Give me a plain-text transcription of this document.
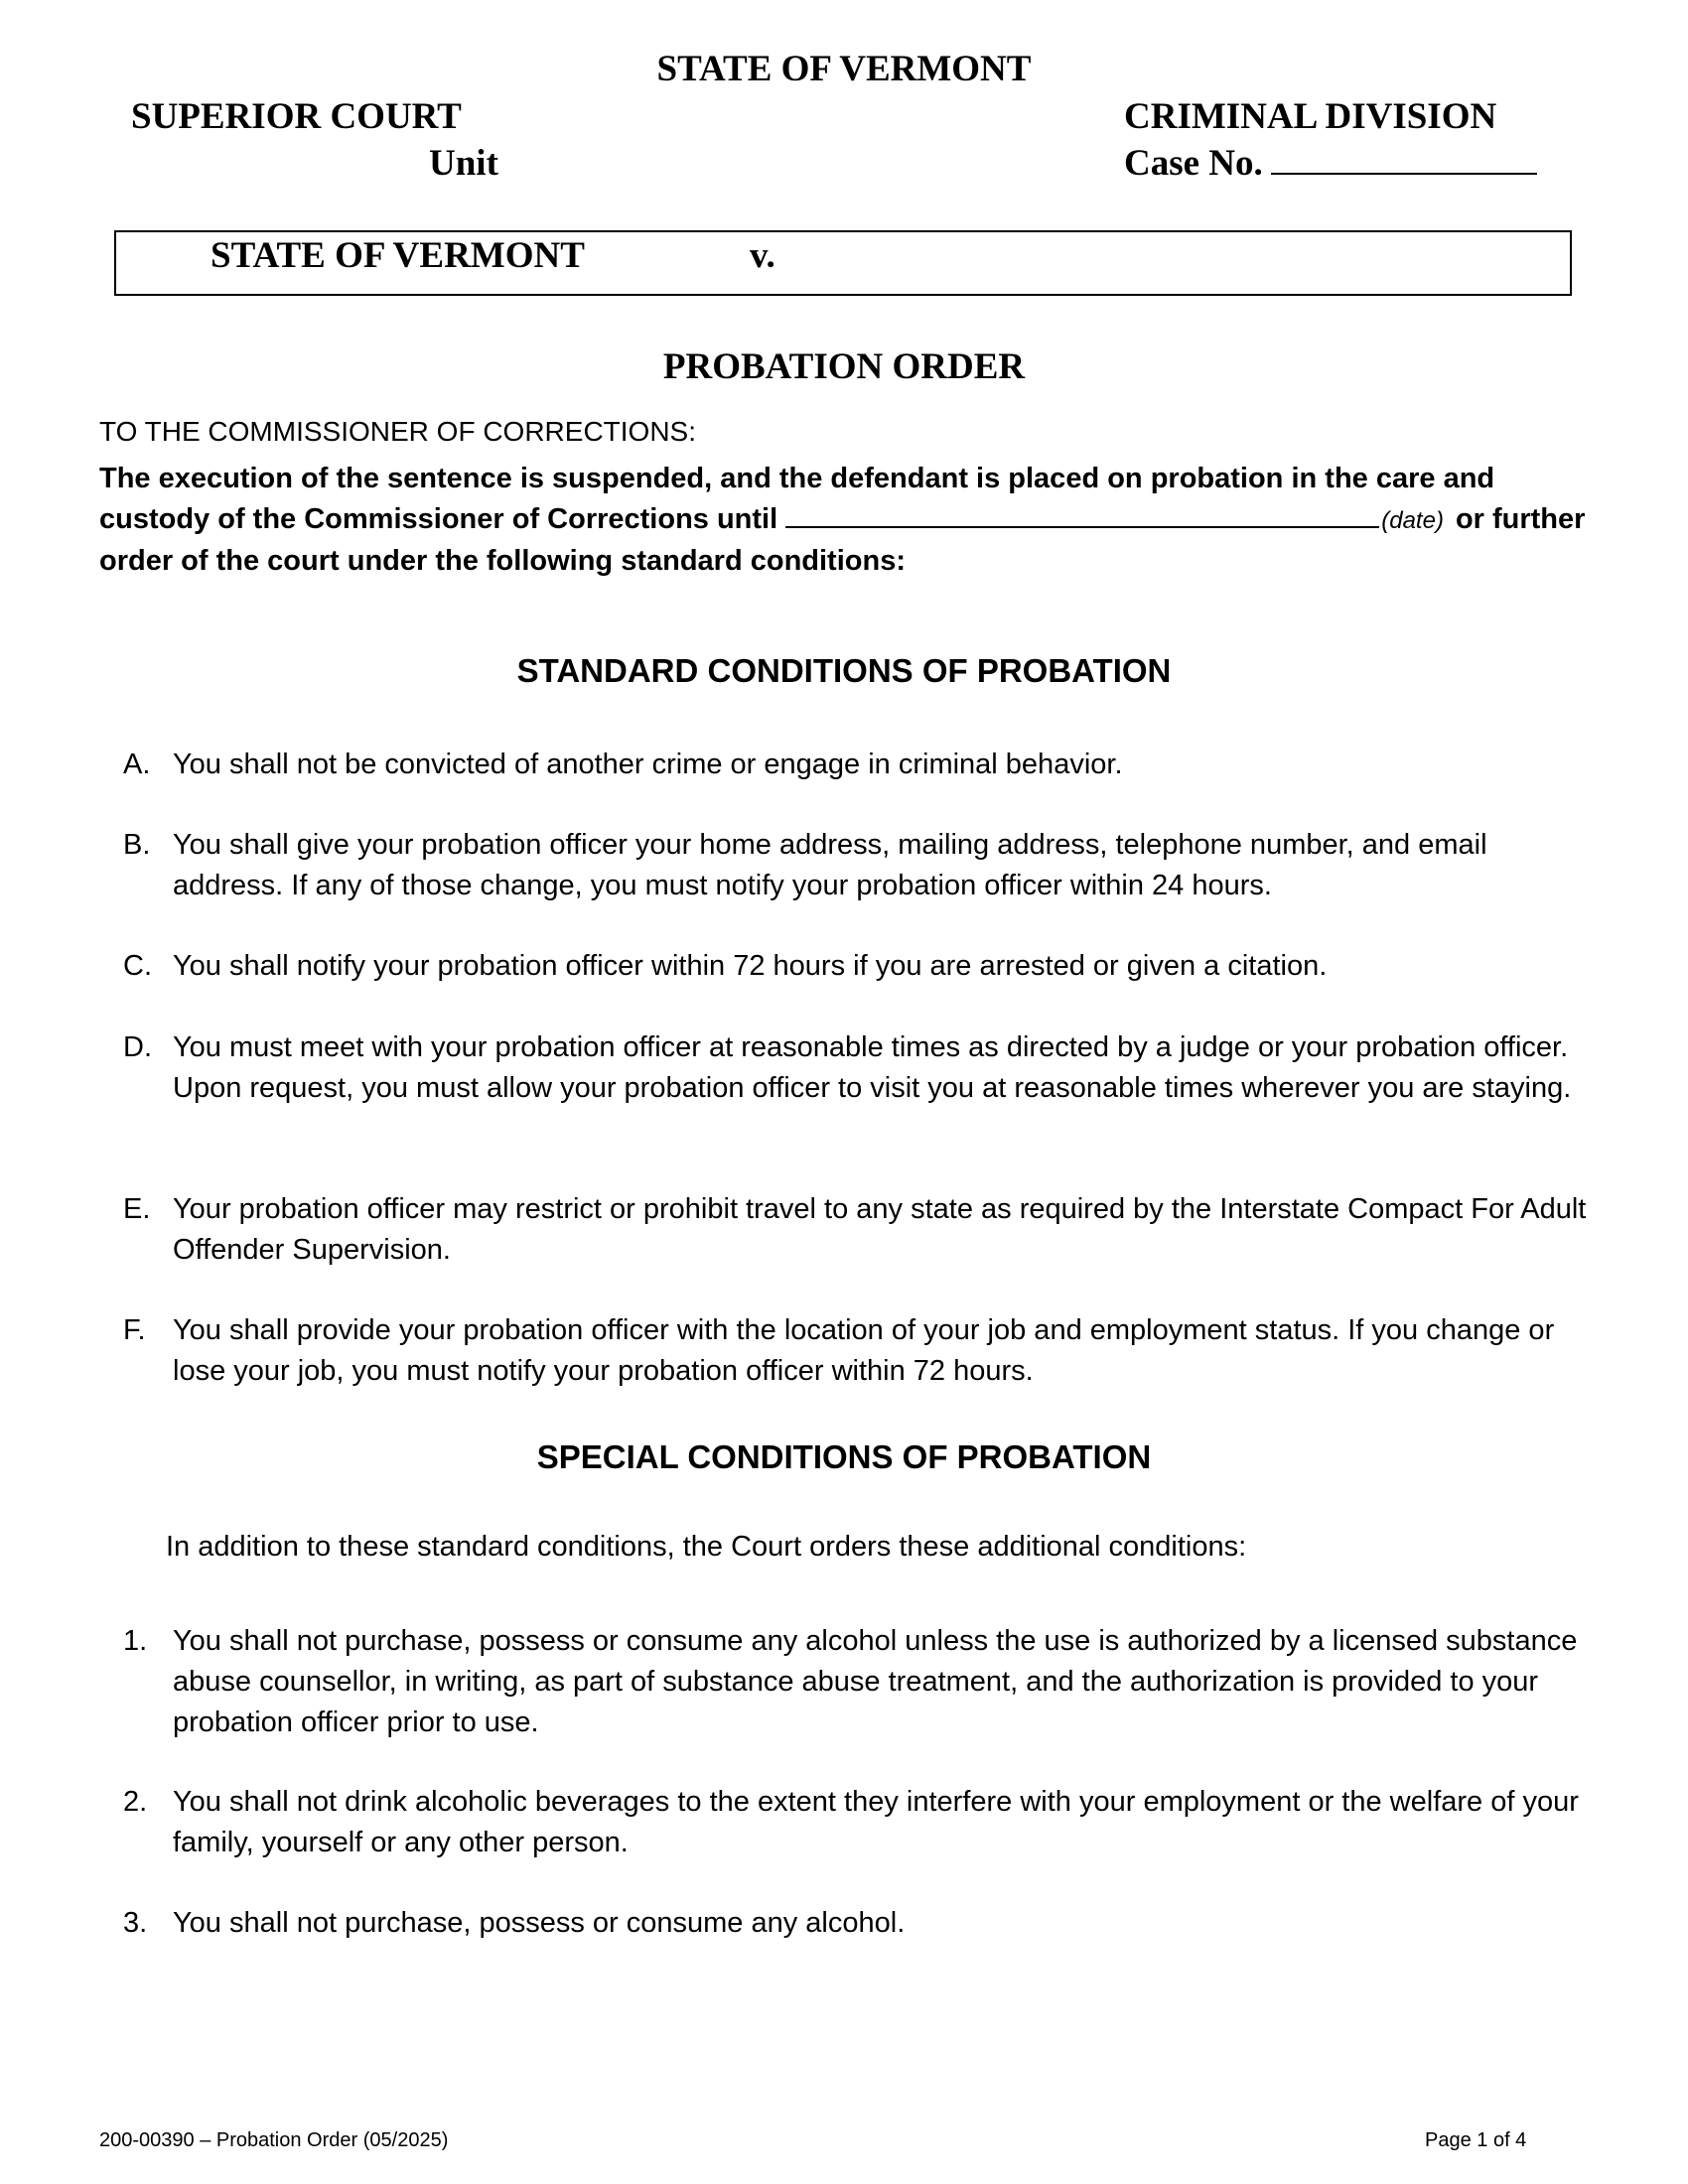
STATE OF VERMONT
SUPERIOR COURT
Unit
CRIMINAL DIVISION
Case No.
STATE OF VERMONT	v.
PROBATION ORDER
TO THE COMMISSIONER OF CORRECTIONS:
The execution of the sentence is suspended, and the defendant is placed on probation in the care and custody of the Commissioner of Corrections until	(date) or further order of the court under the following standard conditions:
STANDARD CONDITIONS OF PROBATION
A. You shall not be convicted of another crime or engage in criminal behavior.
B. You shall give your probation officer your home address, mailing address, telephone number, and email address. If any of those change, you must notify your probation officer within 24 hours.
C. You shall notify your probation officer within 72 hours if you are arrested or given a citation.
D. You must meet with your probation officer at reasonable times as directed by a judge or your probation officer. Upon request, you must allow your probation officer to visit you at reasonable times wherever you are staying.
E. Your probation officer may restrict or prohibit travel to any state as required by the Interstate Compact For Adult Offender Supervision.
F. You shall provide your probation officer with the location of your job and employment status. If you change or lose your job, you must notify your probation officer within 72 hours.
SPECIAL CONDITIONS OF PROBATION
In addition to these standard conditions, the Court orders these additional conditions:
1. You shall not purchase, possess or consume any alcohol unless the use is authorized by a licensed substance abuse counsellor, in writing, as part of substance abuse treatment, and the authorization is provided to your probation officer prior to use.
2. You shall not drink alcoholic beverages to the extent they interfere with your employment or the welfare of your family, yourself or any other person.
3. You shall not purchase, possess or consume any alcohol.
200-00390 – Probation Order (05/2025)	Page 1 of 4
